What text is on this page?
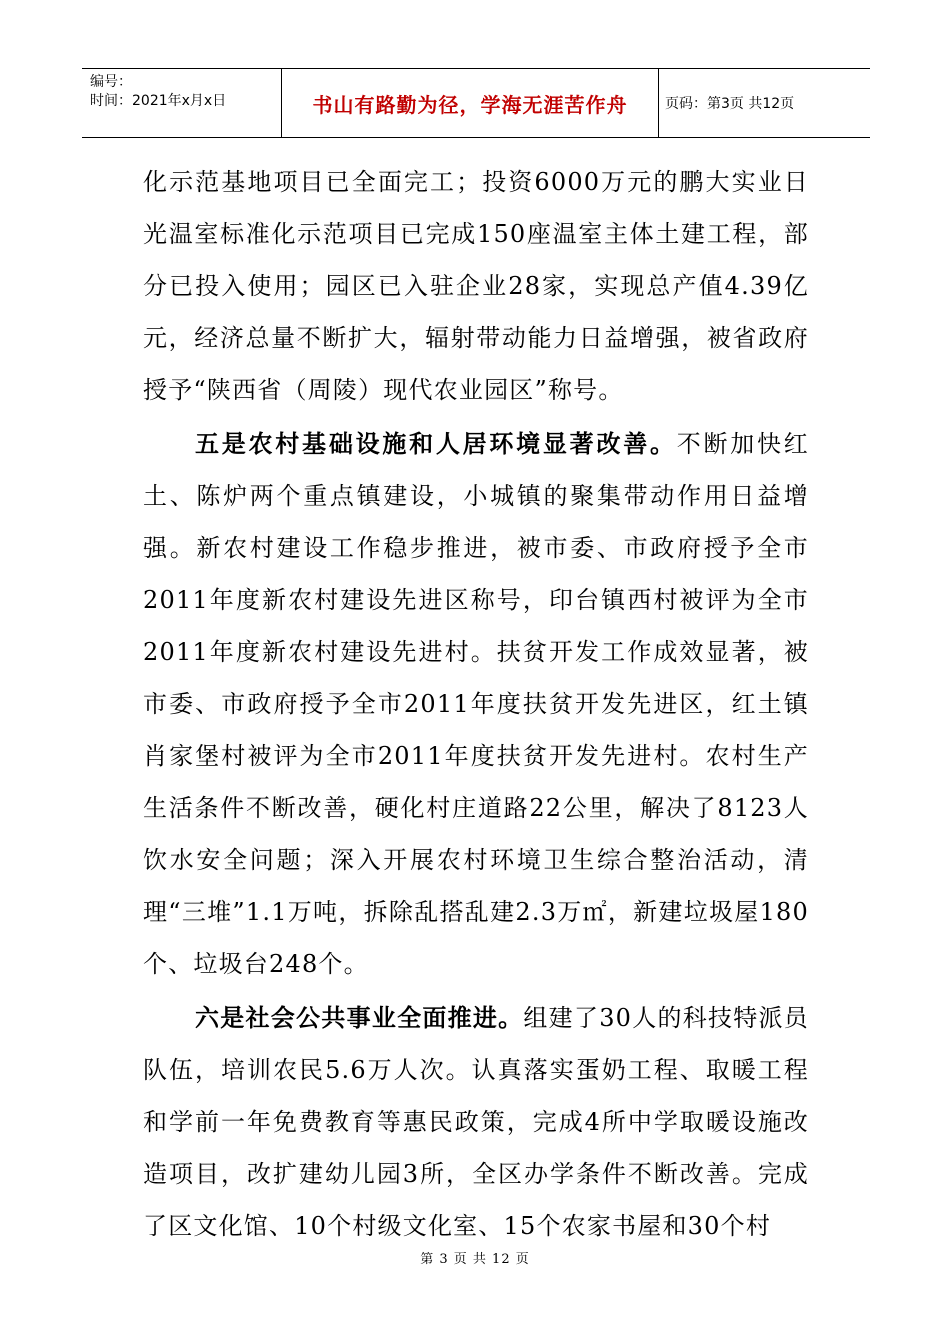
编号：
时间：2021年x月x日	书山有路勤为径，学海无涯苦作舟	页码：第3页 共12页

化示范基地项目已全面完工；投资6000万元的鹏大实业日光温室标准化示范项目已完成150座温室主体土建工程，部分已投入使用；园区已入驻企业28家，实现总产值4.39亿元，经济总量不断扩大，辐射带动能力日益增强，被省政府授予“陕西省（周陵）现代农业园区”称号。

五是农村基础设施和人居环境显著改善。不断加快红土、陈炉两个重点镇建设，小城镇的聚集带动作用日益增强。新农村建设工作稳步推进，被市委、市政府授予全市2011年度新农村建设先进区称号，印台镇西村被评为全市2011年度新农村建设先进村。扶贫开发工作成效显著，被市委、市政府授予全市2011年度扶贫开发先进区，红土镇肖家堡村被评为全市2011年度扶贫开发先进村。农村生产生活条件不断改善，硬化村庄道路22公里，解决了8123人饮水安全问题；深入开展农村环境卫生综合整治活动，清理“三堆”1.1万吨，拆除乱搭乱建2.3万㎡，新建垃圾屋180个、垃圾台248个。

六是社会公共事业全面推进。组建了30人的科技特派员队伍，培训农民5.6万人次。认真落实蛋奶工程、取暖工程和学前一年免费教育等惠民政策，完成4所中学取暖设施改造项目，改扩建幼儿园3所，全区办学条件不断改善。完成了区文化馆、10个村级文化室、15个农家书屋和30个村

第 3 页 共 12 页
